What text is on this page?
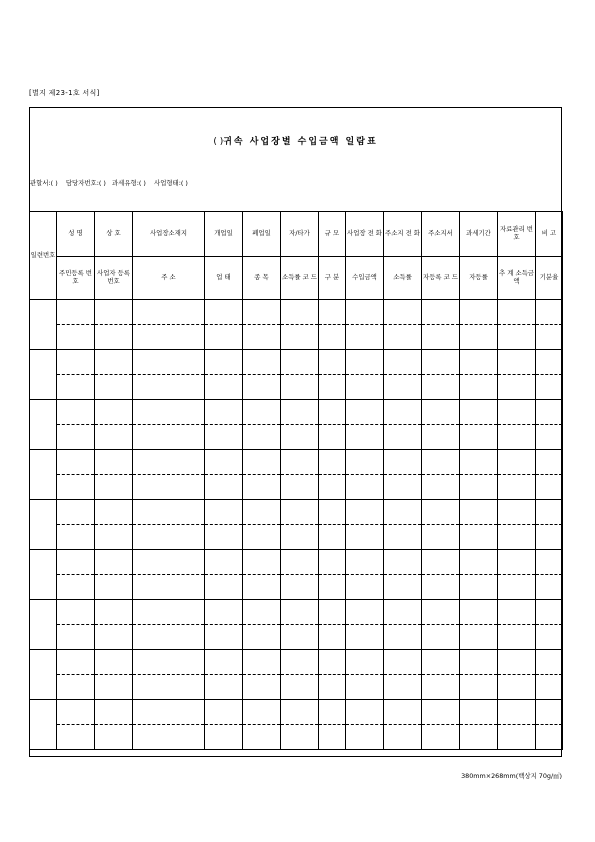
[별지 제23-1호 서식]
( )귀속 사업장별 수입금액 일람표
관할서:( ) 담당자번호:( ) 과세유형:( ) 사업형태:( )
일련번호	성 명	상 호	사업장소재지	개업일	폐업일	자/타가	규 모	사업장 전 화	주소지 전 화	주소지서	과세기간	자료관리 번 호	비 고
	주민등록 번 호	사업자 등록번호	주 소	업 태	종 목	소득률 코 드	구 분	수입금액	소득률	자등록 코 드	자등률	추 계 소득금액	기분율

380mm×268mm(백상지 70g/㎡)
